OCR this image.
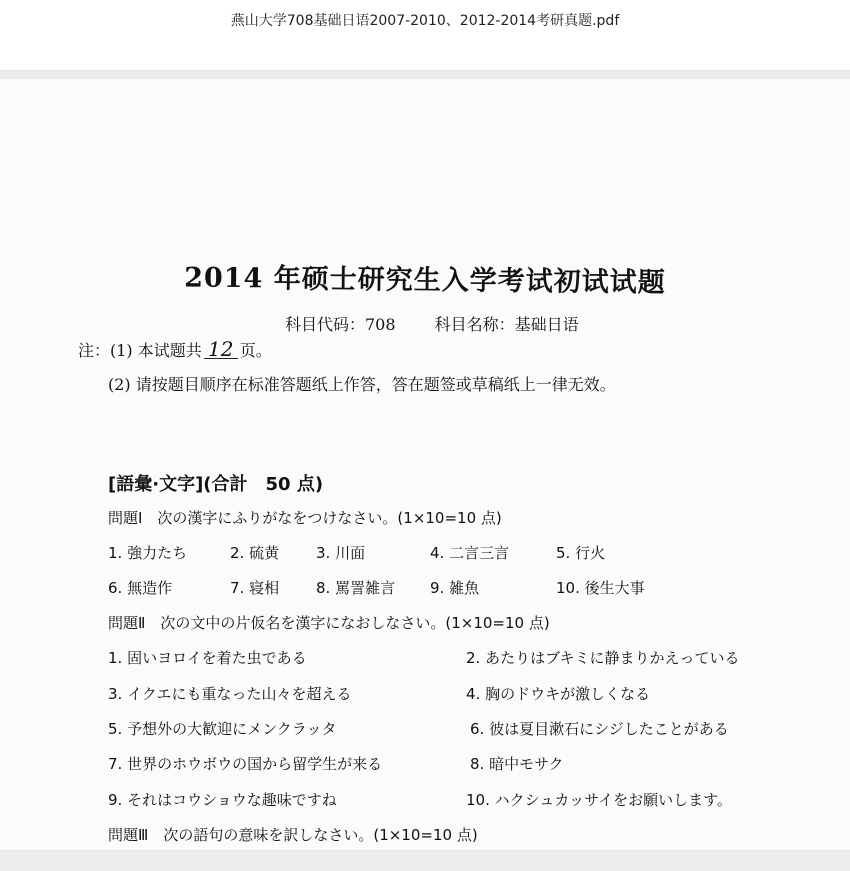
燕山大学708基础日语2007-2010、2012-2014考研真题.pdf
2014 年硕士研究生入学考试初试试题
科目代码：708 科目名称：基础日语
注：(1) 本试题共 12 页。
(2) 请按题目顺序在标准答题纸上作答，答在题签或草稿纸上一律无效。
[語彙·文字](合計　50 点)
問題Ⅰ　次の漢字にふりがなをつけなさい。(1×10=10 点)
1. 強力たち	2. 硫黄 3. 川面	4. 二言三言	5. 行火
6. 無造作	7. 寝相 8. 罵詈雑言 9. 雑魚	10. 後生大事
問題Ⅱ　次の文中の片仮名を漢字になおしなさい。(1×10=10 点)
1. 固いヨロイを着た虫である	2. あたりはブキミに静まりかえっている
3. イクエにも重なった山々を超える	4. 胸のドウキが激しくなる
5. 予想外の大歓迎にメンクラッタ	6. 彼は夏目漱石にシジしたことがある
7. 世界のホウボウの国から留学生が来る	8. 暗中モサク
9. それはコウショウな趣味ですね	10. ハクシュカッサイをお願いします。
問題Ⅲ　次の語句の意味を訳しなさい。(1×10=10 点)
